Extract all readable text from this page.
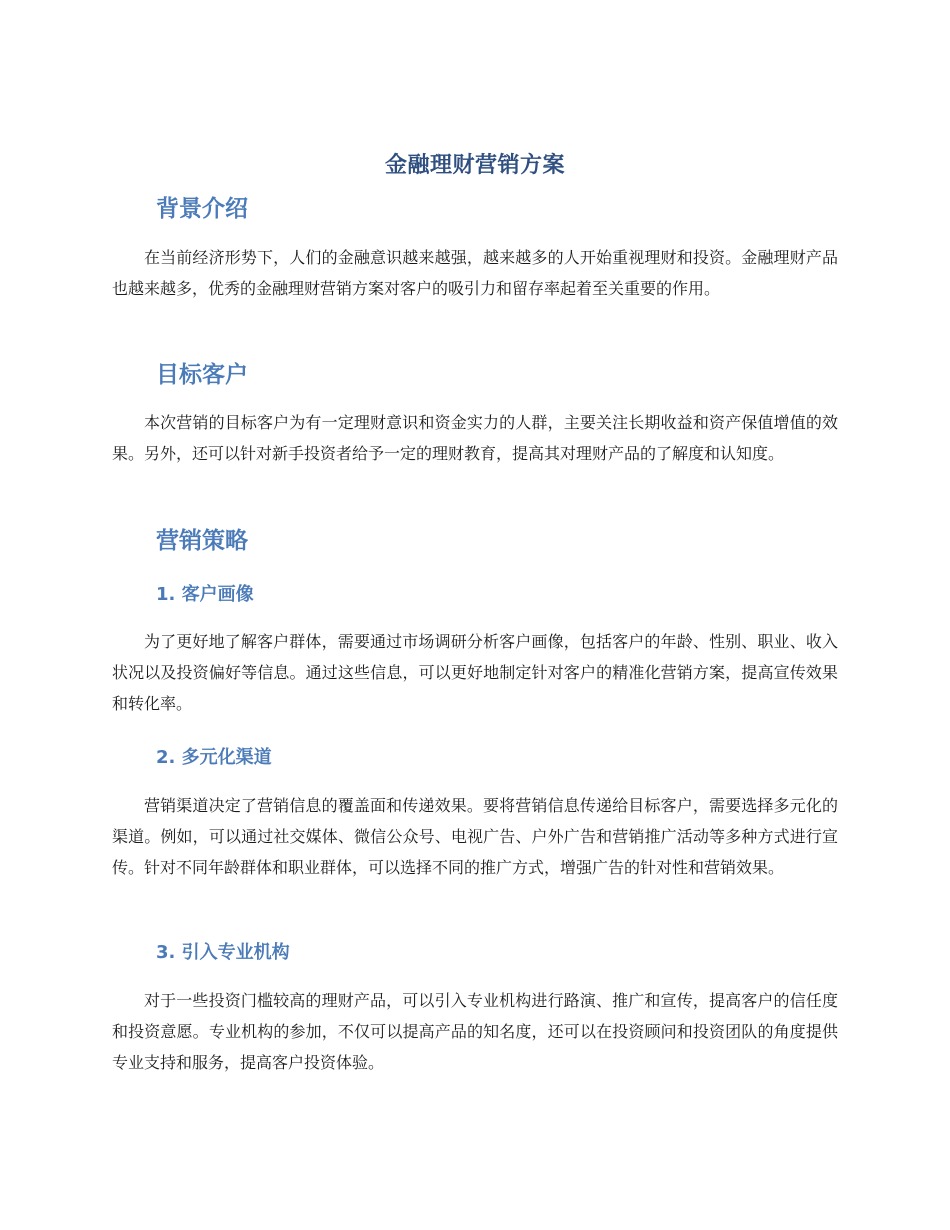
金融理财营销方案
背景介绍

在当前经济形势下，人们的金融意识越来越强，越来越多的人开始重视理财和投资。金融理财产品也越来越多，优秀的金融理财营销方案对客户的吸引力和留存率起着至关重要的作用。

目标客户

本次营销的目标客户为有一定理财意识和资金实力的人群，主要关注长期收益和资产保值增值的效果。另外，还可以针对新手投资者给予一定的理财教育，提高其对理财产品的了解度和认知度。

营销策略
1. 客户画像

为了更好地了解客户群体，需要通过市场调研分析客户画像，包括客户的年龄、性别、职业、收入状况以及投资偏好等信息。通过这些信息，可以更好地制定针对客户的精准化营销方案，提高宣传效果和转化率。

2. 多元化渠道

营销渠道决定了营销信息的覆盖面和传递效果。要将营销信息传递给目标客户，需要选择多元化的渠道。例如，可以通过社交媒体、微信公众号、电视广告、户外广告和营销推广活动等多种方式进行宣传。针对不同年龄群体和职业群体，可以选择不同的推广方式，增强广告的针对性和营销效果。

3. 引入专业机构

对于一些投资门槛较高的理财产品，可以引入专业机构进行路演、推广和宣传，提高客户的信任度和投资意愿。专业机构的参加，不仅可以提高产品的知名度，还可以在投资顾问和投资团队的角度提供专业支持和服务，提高客户投资体验。
